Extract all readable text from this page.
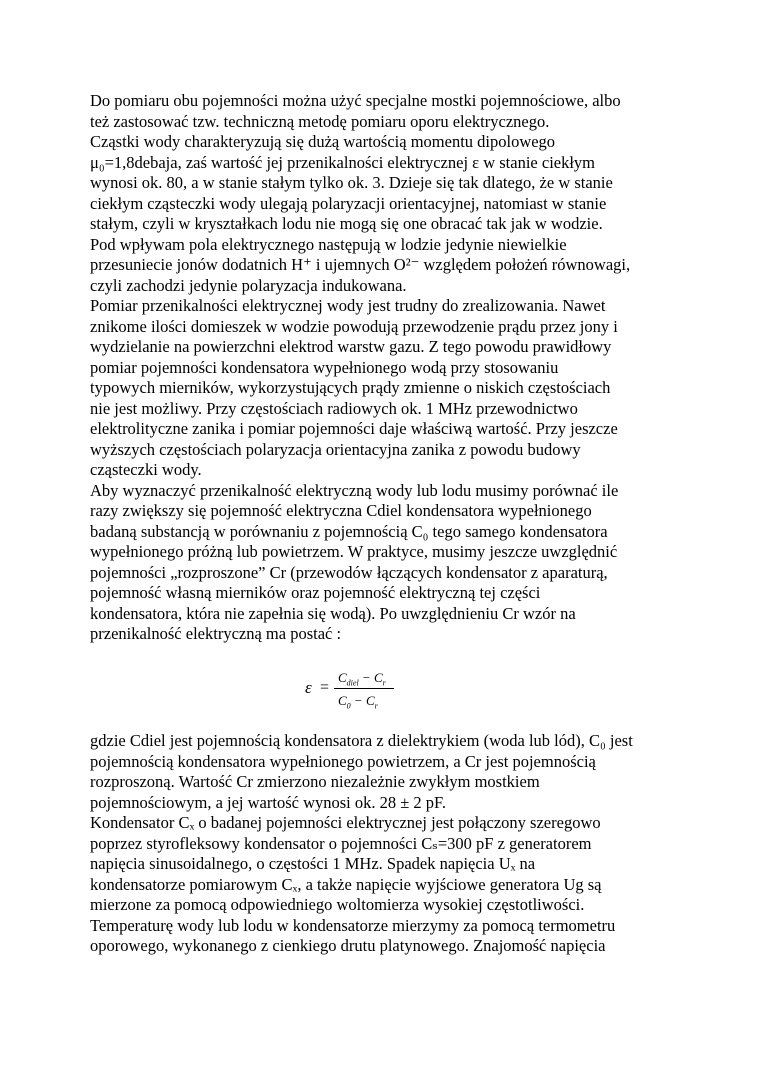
Do pomiaru obu pojemności można użyć specjalne mostki pojemnościowe, albo
też zastosować tzw. techniczną metodę pomiaru oporu elektrycznego.
Cząstki wody charakteryzują się dużą wartością momentu dipolowego
μ₀=1,8debaja, zaś wartość jej przenikalności elektrycznej ε w stanie ciekłym
wynosi ok. 80, a w stanie stałym tylko ok. 3. Dzieje się tak dlatego, że w stanie
ciekłym cząsteczki wody ulegają polaryzacji orientacyjnej, natomiast w stanie
stałym, czyli w kryształkach lodu nie mogą się one obracać tak jak w wodzie.
Pod wpływam pola elektrycznego następują w lodzie jedynie niewielkie
przesuniecie jonów dodatnich H⁺ i ujemnych O²⁻ względem położeń równowagi,
czyli zachodzi jedynie polaryzacja indukowana.
Pomiar przenikalności elektrycznej wody jest trudny do zrealizowania. Nawet
znikome ilości domieszek w wodzie powodują przewodzenie prądu przez jony i
wydzielanie na powierzchni elektrod warstw gazu. Z tego powodu prawidłowy
pomiar pojemności kondensatora wypełnionego wodą przy stosowaniu
typowych mierników, wykorzystujących prądy zmienne o niskich częstościach
nie jest możliwy. Przy częstościach radiowych ok. 1 MHz przewodnictwo
elektrolityczne zanika i pomiar pojemności daje właściwą wartość. Przy jeszcze
wyższych częstościach polaryzacja orientacyjna zanika z powodu budowy
cząsteczki wody.
Aby wyznaczyć przenikalność elektryczną wody lub lodu musimy porównać ile
razy zwiększy się pojemność elektryczna Cdiel kondensatora wypełnionego
badaną substancją w porównaniu z pojemnością C₀ tego samego kondensatora
wypełnionego próżną lub powietrzem. W praktyce, musimy jeszcze uwzględnić
pojemności „rozproszone” Cr (przewodów łączących kondensator z aparaturą,
pojemność własną mierników oraz pojemność elektryczną tej części
kondensatora, która nie zapełnia się wodą). Po uwzględnieniu Cr wzór na
przenikalność elektryczną ma postać :
ε =
$C_{diel} - C_r$
$C_0 - C_r$
gdzie Cdiel jest pojemnością kondensatora z dielektrykiem (woda lub lód), C₀ jest
pojemnością kondensatora wypełnionego powietrzem, a Cr jest pojemnością
rozproszoną. Wartość Cr zmierzono niezależnie zwykłym mostkiem
pojemnościowym, a jej wartość wynosi ok. 28 ± 2 pF.
Kondensator Cₓ o badanej pojemności elektrycznej jest połączony szeregowo
poprzez styrofleksowy kondensator o pojemności Cₛ=300 pF z generatorem
napięcia sinusoidalnego, o częstości 1 MHz. Spadek napięcia Uₓ na
kondensatorze pomiarowym Cₓ, a także napięcie wyjściowe generatora Ug są
mierzone za pomocą odpowiedniego woltomierza wysokiej częstotliwości.
Temperaturę wody lub lodu w kondensatorze mierzymy za pomocą termometru
oporowego, wykonanego z cienkiego drutu platynowego. Znajomość napięcia
